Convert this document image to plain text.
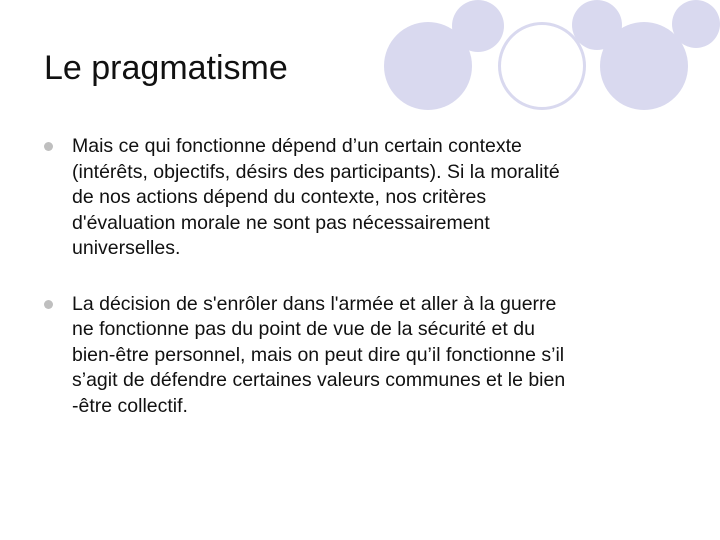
Le pragmatisme
Mais ce qui fonctionne dépend d’un certain contexte
(intérêts, objectifs, désirs des participants). Si la moralité
de nos actions dépend du contexte, nos critères
d'évaluation morale ne sont pas nécessairement
universelles.
La décision de s'enrôler dans l'armée et aller à la guerre
ne fonctionne pas du point de vue de la sécurité et du
bien-être personnel, mais on peut dire qu’il fonctionne s’il
s’agit de défendre certaines valeurs communes et le bien
-être collectif.
